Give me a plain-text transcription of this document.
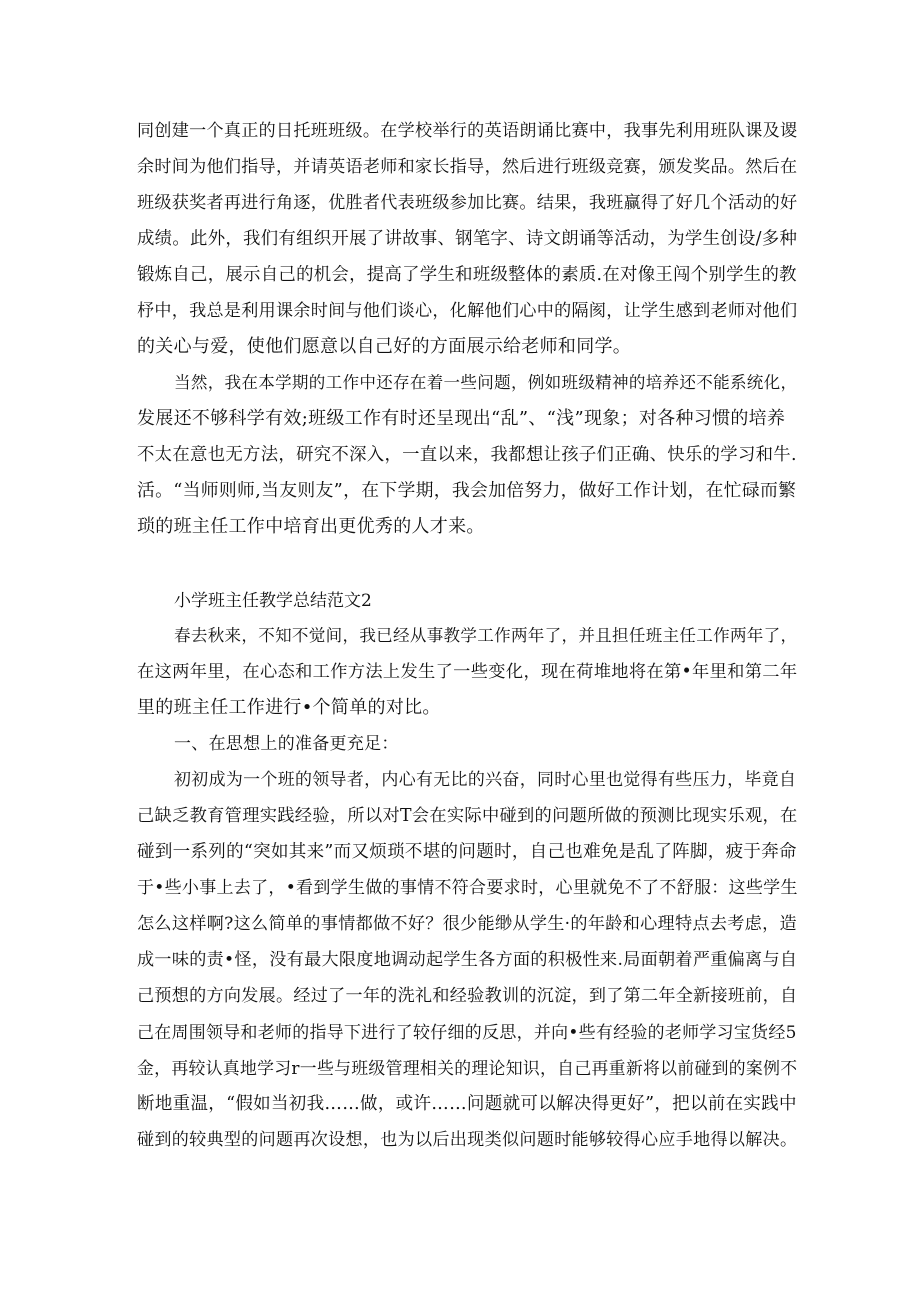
同创建一个真正的日托班班级。在学校举行的英语朗诵比赛中，我事先利用班队课及谡
余时间为他们指导，并请英语老师和家长指导，然后进行班级竞赛，颁发奖品。然后在
班级获奖者再进行角逐，优胜者代表班级参加比赛。结果，我班赢得了好几个活动的好
成绩。此外，我们有组织开展了讲故事、钢笔字、诗文朗诵等活动，为学生创设/多种
锻炼自己，展示自己的机会，提高了学生和班级整体的素质.在对像王闯个别学生的教
杼中，我总是利用课余时间与他们谈心，化解他们心中的隔阂，让学生感到老师对他们
的关心与爱，使他们愿意以自己好的方面展示给老师和同学。
当然，我在本学期的工作中还存在着一些问题，例如班级精神的培养还不能系统化，
发展还不够科学有效;班级工作有时还呈现出“乱”、“浅”现象；对各种习惯的培养
不太在意也无方法，研究不深入，一直以来，我都想让孩子们正确、快乐的学习和牛.
活。“当师则师,当友则友”，在下学期，我会加倍努力，做好工作计划，在忙碌而繁
琐的班主任工作中培育出更优秀的人才来。
小学班主任教学总结范文2
春去秋来，不知不觉间，我已经从事教学工作两年了，并且担任班主任工作两年了，
在这两年里，在心态和工作方法上发生了一些变化，现在荷堆地将在第•年里和第二年
里的班主任工作进行•个简单的对比。
一、在思想上的准备更充足：
初初成为一个班的领导者，内心有无比的兴奋，同时心里也觉得有些压力，毕竟自
己缺乏教育管理实践经验，所以对T会在实际中碰到的问题所做的预测比现实乐观，在
碰到一系列的“突如其来”而又烦琐不堪的问题时，自己也难免是乱了阵脚，疲于奔命
于•些小事上去了，•看到学生做的事情不符合要求时，心里就免不了不舒服：这些学生
怎么这样啊?这么简单的事情都做不好？很少能缈从学生·的年龄和心理特点去考虑，造
成一味的责•怪，没有最大限度地调动起学生各方面的积极性来.局面朝着严重偏离与自
己预想的方向发展。经过了一年的洗礼和经验教训的沉淀，到了第二年全新接班前，自
己在周围领导和老师的指导下进行了较仔细的反思，并向•些有经验的老师学习宝货经5
金，再较认真地学习r一些与班级管理相关的理论知识，自己再重新将以前碰到的案例不
断地重温，“假如当初我……做，或许……问题就可以解决得更好”，把以前在实践中
碰到的较典型的问题再次设想，也为以后出现类似问题时能够较得心应手地得以解决。
